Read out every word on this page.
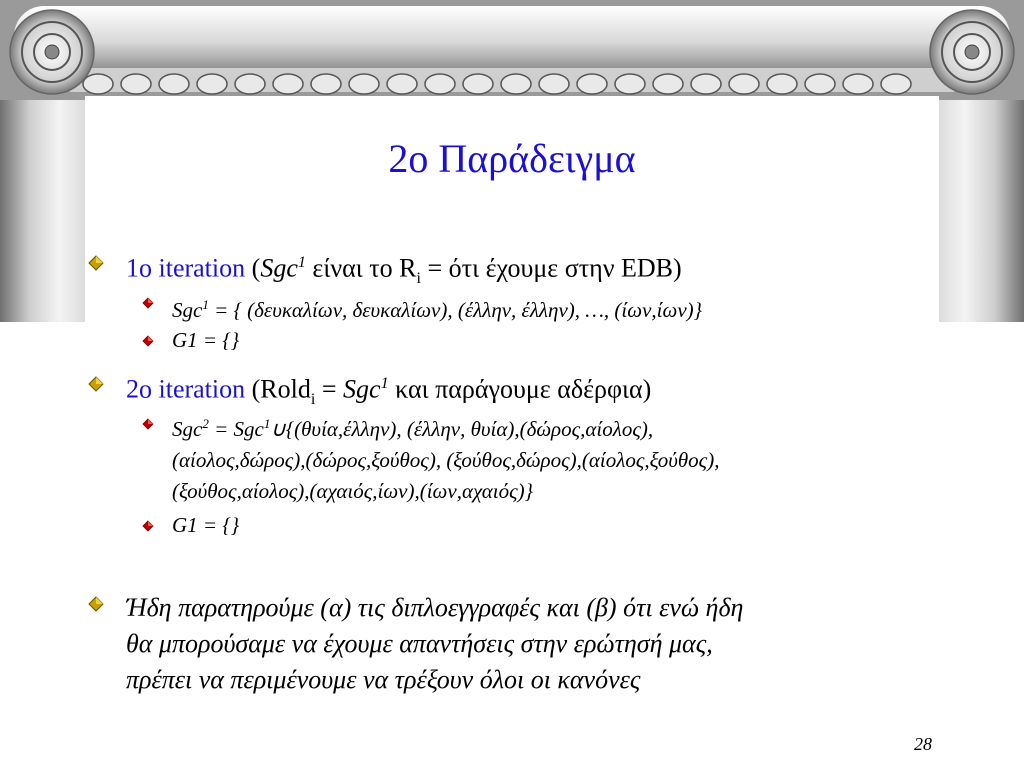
2ο Παράδειγμα
1ο iteration (Sgc$^1$ είναι το $R_i = ό\tau\iota$ έχουμε στην EDB)
Sgc$^1$ = { (δευκαλίων, δευκαλίων), (έλλην, έλλην), …, (ίων,ίων)}
G1 = {}
2ο iteration (Rold$_i$ = Sgc$^1$ και παράγουμε αδέρφια)
Sgc$^2$ = Sgc$^1$∪{(θυία,έλλην), (έλλην, θυία),(δώρος,αίολος),
(αίολος,δώρος),(δώρος,ξούθος), (ξούθος,δώρος),(αίολος,ξούθος),
(ξούθος,αίολος),(αχαιός,ίων),(ίων,αχαιός)}
G1 = {}
Ήδη παρατηρούμε (α) τις διπλοεγγραφές και (β) ότι ενώ ήδη
θα μπορούσαμε να έχουμε απαντήσεις στην ερώτησή μας,
πρέπει να περιμένουμε να τρέξουν όλοι οι κανόνες
28
